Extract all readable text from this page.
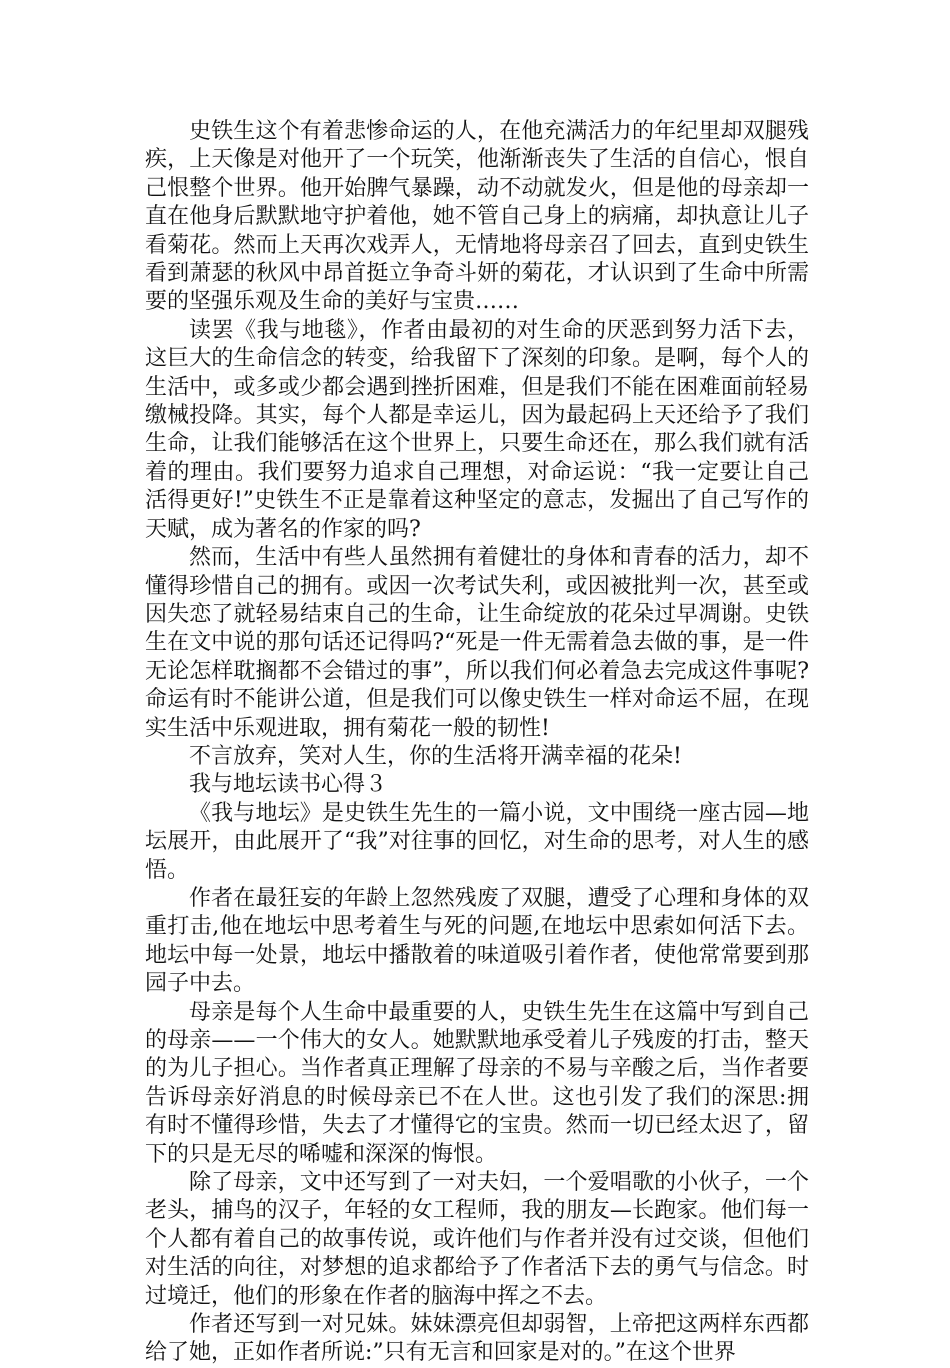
史铁生这个有着悲惨命运的人，在他充满活力的年纪里却双腿残疾，上天像是对他开了一个玩笑，他渐渐丧失了生活的自信心，恨自己恨整个世界。他开始脾气暴躁，动不动就发火，但是他的母亲却一直在他身后默默地守护着他，她不管自己身上的病痛，却执意让儿子看菊花。然而上天再次戏弄人，无情地将母亲召了回去，直到史铁生看到萧瑟的秋风中昂首挺立争奇斗妍的菊花，才认识到了生命中所需要的坚强乐观及生命的美好与宝贵……

读罢《我与地毯》，作者由最初的对生命的厌恶到努力活下去，这巨大的生命信念的转变，给我留下了深刻的印象。是啊，每个人的生活中，或多或少都会遇到挫折困难，但是我们不能在困难面前轻易缴械投降。其实，每个人都是幸运儿，因为最起码上天还给予了我们生命，让我们能够活在这个世界上，只要生命还在，那么我们就有活着的理由。我们要努力追求自己理想，对命运说：“我一定要让自己活得更好!”史铁生不正是靠着这种坚定的意志，发掘出了自己写作的天赋，成为著名的作家的吗?

然而，生活中有些人虽然拥有着健壮的身体和青春的活力，却不懂得珍惜自己的拥有。或因一次考试失利，或因被批判一次，甚至或因失恋了就轻易结束自己的生命，让生命绽放的花朵过早凋谢。史铁生在文中说的那句话还记得吗?“死是一件无需着急去做的事，是一件无论怎样耽搁都不会错过的事”，所以我们何必着急去完成这件事呢?命运有时不能讲公道，但是我们可以像史铁生一样对命运不屈，在现实生活中乐观进取，拥有菊花一般的韧性!

不言放弃，笑对人生，你的生活将开满幸福的花朵!

我与地坛读书心得３

《我与地坛》是史铁生先生的一篇小说，文中围绕一座古园—地坛展开，由此展开了“我”对往事的回忆，对生命的思考，对人生的感悟。

作者在最狂妄的年龄上忽然残废了双腿，遭受了心理和身体的双重打击,他在地坛中思考着生与死的问题,在地坛中思索如何活下去。地坛中每一处景，地坛中播散着的味道吸引着作者，使他常常要到那园子中去。

母亲是每个人生命中最重要的人，史铁生先生在这篇中写到自己的母亲——一个伟大的女人。她默默地承受着儿子残废的打击，整天的为儿子担心。当作者真正理解了母亲的不易与辛酸之后，当作者要告诉母亲好消息的时候母亲已不在人世。这也引发了我们的深思:拥有时不懂得珍惜，失去了才懂得它的宝贵。然而一切已经太迟了，留下的只是无尽的唏嘘和深深的悔恨。

除了母亲，文中还写到了一对夫妇，一个爱唱歌的小伙子，一个老头，捕鸟的汉子，年轻的女工程师，我的朋友—长跑家。他们每一个人都有着自己的故事传说，或许他们与作者并没有过交谈，但他们对生活的向往，对梦想的追求都给予了作者活下去的勇气与信念。时过境迁，他们的形象在作者的脑海中挥之不去。

作者还写到一对兄妹。妹妹漂亮但却弱智，上帝把这两样东西都给了她，正如作者所说:”只有无言和回家是对的。”在这个世界
